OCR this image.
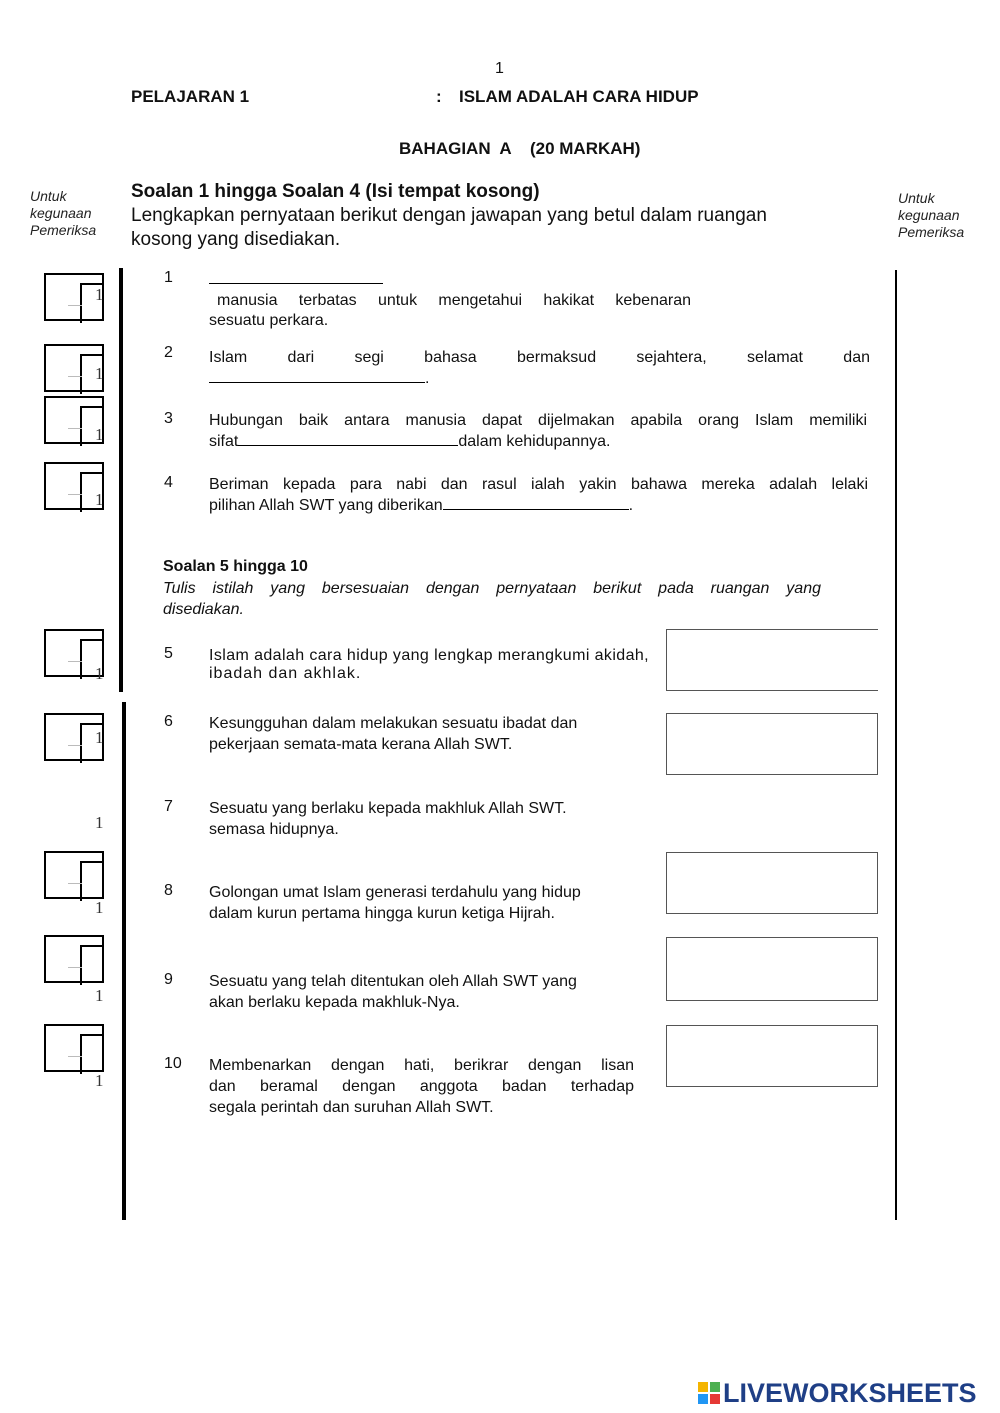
1
PELAJARAN 1	: ISLAM ADALAH CARA HIDUP
BAHAGIAN  A    (20 MARKAH)
Untuk
kegunaan
Pemeriksa
Untuk
kegunaan
Pemeriksa
Soalan 1 hingga Soalan 4 (Isi tempat kosong)
Lengkapkan pernyataan berikut dengan jawapan yang betul dalam ruangan
kosong yang disediakan.
1
1
1
1
1
1
1
1
1
1
1
manusia terbatas untuk mengetahui hakikat kebenaran
sesuatu perkara.
2 Islam dari segi bahasa bermaksud sejahtera, selamat dan
.
3 Hubungan baik antara manusia dapat dijelmakan apabila orang Islam memiliki
sifat	dalam kehidupannya.
4 Beriman kepada para nabi dan rasul ialah yakin bahawa mereka adalah lelaki
pilihan Allah SWT yang diberikan	.
Soalan 5 hingga 10
Tulis istilah yang bersesuaian dengan pernyataan berikut pada ruangan yang
disediakan.
5 Islam adalah cara hidup yang lengkap merangkumi akidah,
ibadah dan akhlak.
6 Kesungguhan dalam melakukan sesuatu ibadat dan
pekerjaan semata-mata kerana Allah SWT.
7 Sesuatu yang berlaku kepada makhluk Allah SWT.
semasa hidupnya.
8 Golongan umat Islam generasi terdahulu yang hidup
dalam kurun pertama hingga kurun ketiga Hijrah.
9 Sesuatu yang telah ditentukan oleh Allah SWT yang
akan berlaku kepada makhluk-Nya.
10 Membenarkan dengan hati, berikrar dengan lisan
dan beramal dengan anggota badan terhadap
segala perintah dan suruhan Allah SWT.
LIVEWORKSHEETS
